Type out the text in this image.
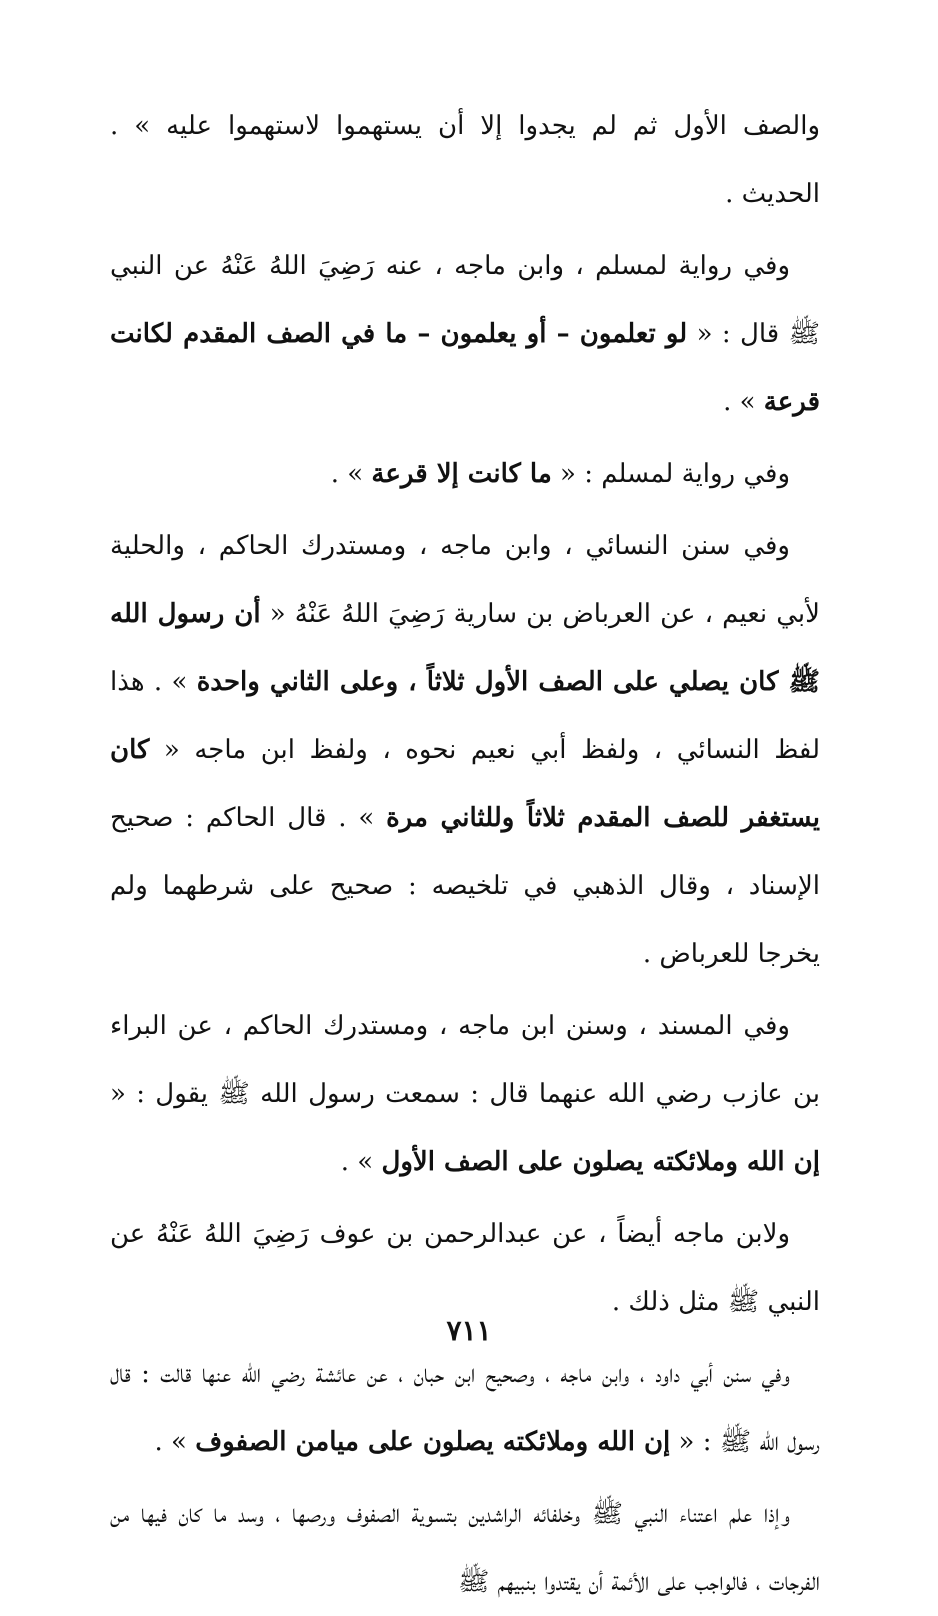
والصف الأول ثم لم يجدوا إلا أن يستهموا لاستهموا عليه » . الحديث .

وفي رواية لمسلم ، وابن ماجه ، عنه رَضِيَ اللهُ عَنْهُ عن النبي ﷺ قال : « لو تعلمون – أو يعلمون – ما في الصف المقدم لكانت قرعة » .

وفي رواية لمسلم : « ما كانت إلا قرعة » .

وفي سنن النسائي ، وابن ماجه ، ومستدرك الحاكم ، والحلية لأبي نعيم ، عن العرباض بن سارية رَضِيَ اللهُ عَنْهُ « أن رسول الله ﷺ كان يصلي على الصف الأول ثلاثاً ، وعلى الثاني واحدة » . هذا لفظ النسائي ، ولفظ أبي نعيم نحوه ، ولفظ ابن ماجه « كان يستغفر للصف المقدم ثلاثاً وللثاني مرة » . قال الحاكم : صحيح الإسناد ، وقال الذهبي في تلخيصه : صحيح على شرطهما ولم يخرجا للعرباض .

وفي المسند ، وسنن ابن ماجه ، ومستدرك الحاكم ، عن البراء بن عازب رضي الله عنهما قال : سمعت رسول الله ﷺ يقول : « إن الله وملائكته يصلون على الصف الأول » .

ولابن ماجه أيضاً ، عن عبدالرحمن بن عوف رَضِيَ اللهُ عَنْهُ عن النبي ﷺ مثل ذلك .

وفي سنن أبي داود ، وابن ماجه ، وصحيح ابن حبان ، عن عائشة رضي الله عنها قالت : قال رسول الله ﷺ : « إن الله وملائكته يصلون على ميامن الصفوف » .

وإذا علم اعتناء النبي ﷺ وخلفائه الراشدين بتسوية الصفوف ورصها ، وسد ما كان فيها من الفرجات ، فالواجب على الأئمة أن يقتدوا بنبيهم ﷺ

٧١١
